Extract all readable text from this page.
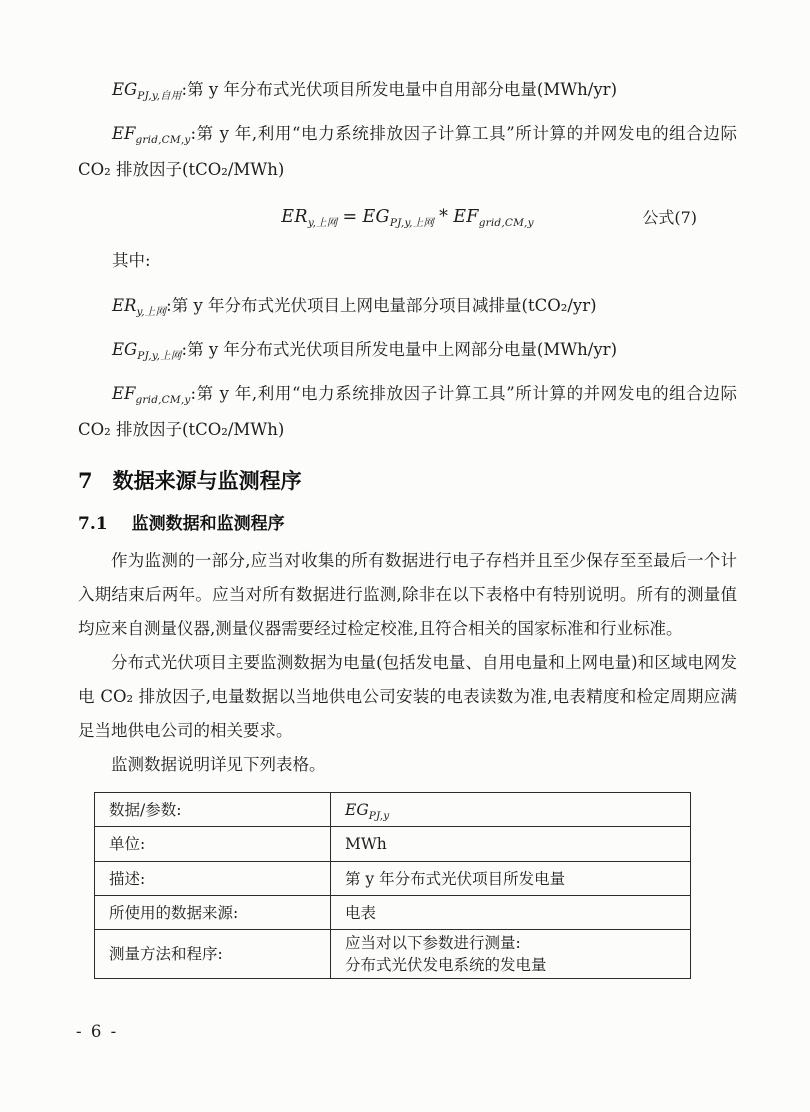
$EG_{PJ,y,自用}$:第 y 年分布式光伏项目所发电量中自用部分电量(MWh/yr)

$EF_{grid,CM,y}$:第 y 年,利用“电力系统排放因子计算工具”所计算的并网发电的组合边际 CO₂ 排放因子(tCO₂/MWh)

$ER_{y,上网} = EG_{PJ,y,上网} * EF_{grid,CM,y}$	公式(7)

其中:

$ER_{y,上网}$:第 y 年分布式光伏项目上网电量部分项目减排量(tCO₂/yr)

$EG_{PJ,y,上网}$:第 y 年分布式光伏项目所发电量中上网部分电量(MWh/yr)

$EF_{grid,CM,y}$:第 y 年,利用“电力系统排放因子计算工具”所计算的并网发电的组合边际 CO₂ 排放因子(tCO₂/MWh)

7 数据来源与监测程序
7.1 监测数据和监测程序

作为监测的一部分,应当对收集的所有数据进行电子存档并且至少保存至至最后一个计入期结束后两年。应当对所有数据进行监测,除非在以下表格中有特别说明。所有的测量值均应来自测量仪器,测量仪器需要经过检定校准,且符合相关的国家标准和行业标准。

分布式光伏项目主要监测数据为电量(包括发电量、自用电量和上网电量)和区域电网发电 CO₂ 排放因子,电量数据以当地供电公司安装的电表读数为准,电表精度和检定周期应满足当地供电公司的相关要求。

监测数据说明详见下列表格。

数据/参数:	$EG_{PJ,y}$
单位:	MWh
描述:	第 y 年分布式光伏项目所发电量
所使用的数据来源:	电表
测量方法和程序:	应当对以下参数进行测量:
分布式光伏发电系统的发电量
- 6 -
